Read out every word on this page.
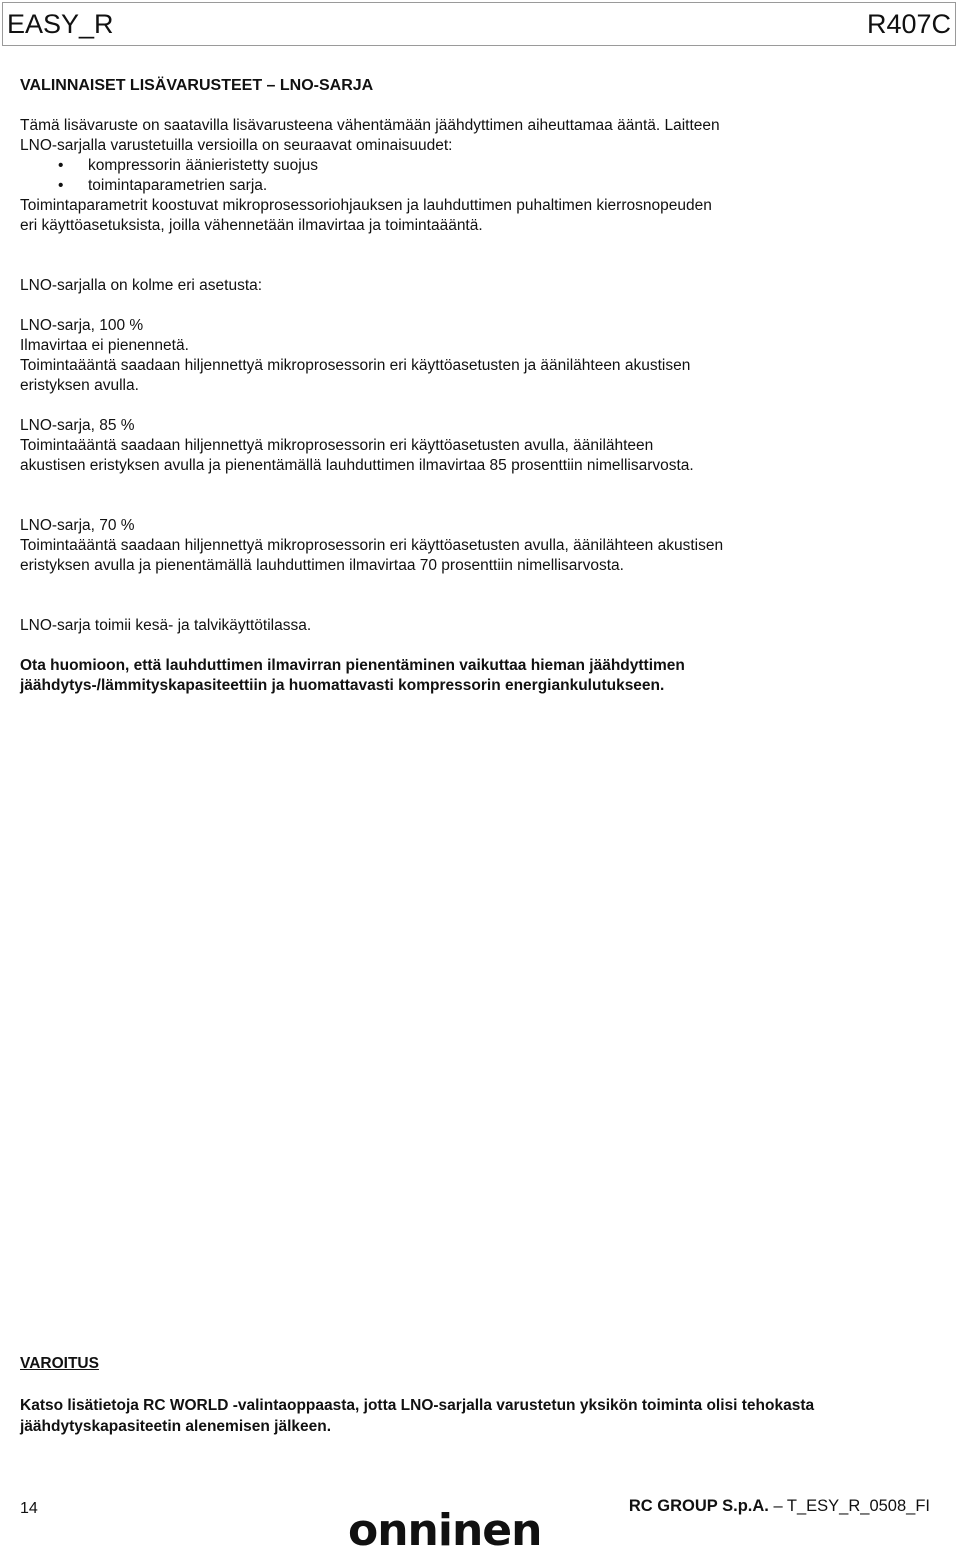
EASY_R	R407C

VALINNAISET LISÄVARUSTEET – LNO-SARJA

Tämä lisävaruste on saatavilla lisävarusteena vähentämään jäähdyttimen aiheuttamaa ääntä. Laitteen

LNO-sarjalla varustetuilla versioilla on seuraavat ominaisuudet:

• kompressorin äänieristetty suojus

• toimintaparametrien sarja.

Toimintaparametrit koostuvat mikroprosessoriohjauksen ja lauhduttimen puhaltimen kierrosnopeuden

eri käyttöasetuksista, joilla vähennetään ilmavirtaa ja toimintaääntä.

LNO-sarjalla on kolme eri asetusta:

LNO-sarja, 100 %

Ilmavirtaa ei pienennetä.

Toimintaääntä saadaan hiljennettyä mikroprosessorin eri käyttöasetusten ja äänilähteen akustisen

eristyksen avulla.

LNO-sarja, 85 %

Toimintaääntä saadaan hiljennettyä mikroprosessorin eri käyttöasetusten avulla, äänilähteen

akustisen eristyksen avulla ja pienentämällä lauhduttimen ilmavirtaa 85 prosenttiin nimellisarvosta.

LNO-sarja, 70 %

Toimintaääntä saadaan hiljennettyä mikroprosessorin eri käyttöasetusten avulla, äänilähteen akustisen

eristyksen avulla ja pienentämällä lauhduttimen ilmavirtaa 70 prosenttiin nimellisarvosta.

LNO-sarja toimii kesä- ja talvikäyttötilassa.

Ota huomioon, että lauhduttimen ilmavirran pienentäminen vaikuttaa hieman jäähdyttimen

jäähdytys-/lämmityskapasiteettiin ja huomattavasti kompressorin energiankulutukseen.

VAROITUS
Katso lisätietoja RC WORLD -valintaoppaasta, jotta LNO-sarjalla varustetun yksikön toiminta olisi tehokasta
jäähdytyskapasiteetin alenemisen jälkeen.
14	RC GROUP S.p.A. – T_ESY_R_0508_FI
onninen
